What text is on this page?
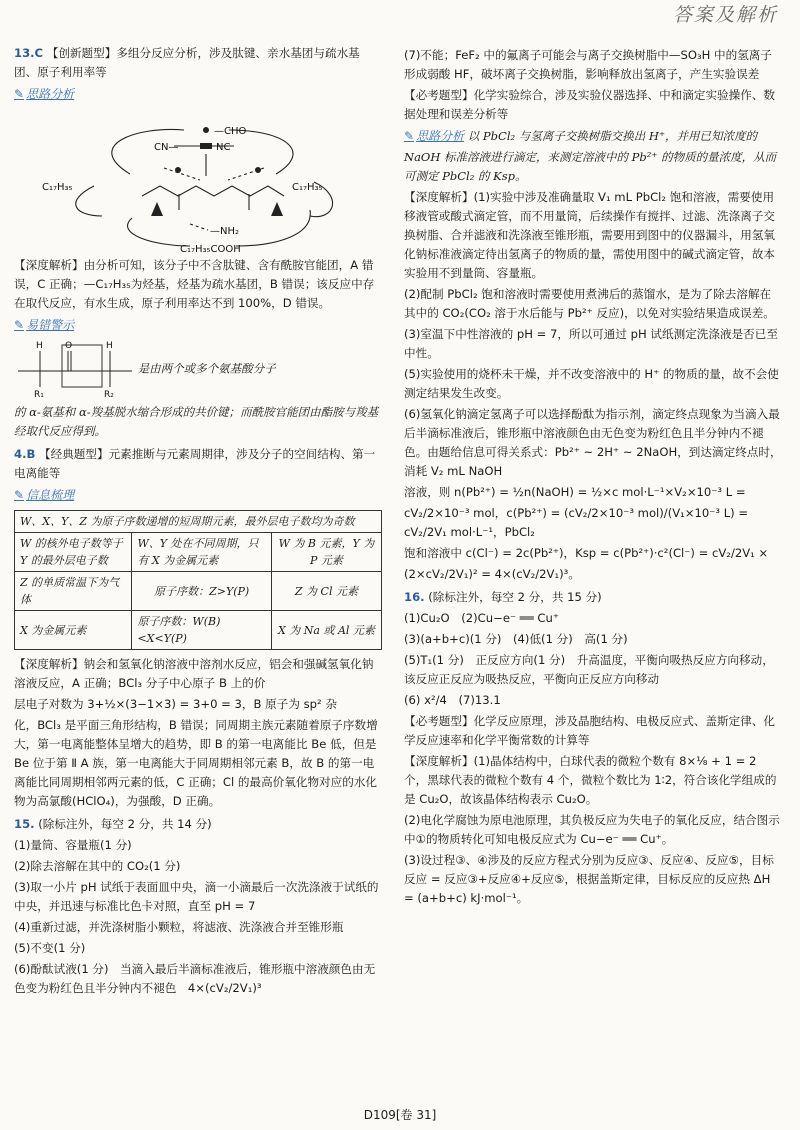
答案及解析

13.C 【创新题型】多组分反应分析，涉及肽键、亲水基团与疏水基团、原子利用率等

✎ 思路分析
—CHO
NC
CN—
C₁₇H₃₅	C₁₇H₃₅
—NH₂
C₁₇H₃₅COOH

【深度解析】由分析可知，该分子中不含肽键、含有酰胺官能团，A 错误，C 正确；—C₁₇H₃₅为烃基，烃基为疏水基团，B 错误；该反应中存在取代反应，有水生成，原子利用率达不到 100%，D 错误。

✎ 易错警示

H O	H
R₁	R₂
是由两个或多个氨基酸分子

的 α-氨基和 α-羧基脱水缩合形成的共价键；而酰胺官能团由酯胺与羧基经取代反应得到。

4.B 【经典题型】元素推断与元素周期律，涉及分子的空间结构、第一电离能等

✎ 信息梳理
W、X、Y、Z 为原子序数递增的短周期元素，最外层电子数均为奇数		
W 的核外电子数等于 Y 的最外层电子数	W、Y 处在不同周期，只有 X 为金属元素	W 为 B 元素，Y 为 P 元素
Z 的单质常温下为气体	原子序数：Z>Y(P)	Z 为 Cl 元素
X 为金属元素	原子序数：W(B)<X<Y(P)	X 为 Na 或 Al 元素

【深度解析】钠会和氢氧化钠溶液中溶剂水反应，铝会和强碱氢氧化钠溶液反应，A 正确；BCl₃ 分子中心原子 B 上的价

层电子对数为 3+½×(3−1×3) = 3+0 = 3，B 原子为 sp² 杂

化，BCl₃ 是平面三角形结构，B 错误；同周期主族元素随着原子序数增大，第一电离能整体呈增大的趋势，即 B 的第一电离能比 Be 低，但是 Be 位于第 Ⅱ A 族，第一电离能大于同周期相邻元素 B，故 B 的第一电离能比同周期相邻两元素的低，C 正确；Cl 的最高价氧化物对应的水化物为高氯酸(HClO₄)，为强酸，D 正确。

15. (除标注外，每空 2 分，共 14 分)

(1)量筒、容量瓶(1 分)

(2)除去溶解在其中的 CO₂(1 分)

(3)取一小片 pH 试纸于表面皿中央，滴一小滴最后一次洗涤液于试纸的中央，并迅速与标准比色卡对照，直至 pH = 7

(4)重新过滤，并洗涤树脂小颗粒，将滤液、洗涤液合并至锥形瓶

(5)不变(1 分)

(6)酚酞试液(1 分)　当滴入最后半滴标准液后，锥形瓶中溶液颜色由无色变为粉红色且半分钟内不褪色　4×(cV₂/2V₁)³

(7)不能；FeF₂ 中的氟离子可能会与离子交换树脂中—SO₃H 中的氢离子形成弱酸 HF，破坏离子交换树脂，影响释放出氢离子，产生实验误差

【必考题型】化学实验综合，涉及实验仪器选择、中和滴定实验操作、数据处理和误差分析等

✎ 思路分析 以 PbCl₂ 与氢离子交换树脂交换出 H⁺，并用已知浓度的 NaOH 标准溶液进行滴定，来测定溶液中的 Pb²⁺ 的物质的量浓度，从而可测定 PbCl₂ 的 Ksp。

【深度解析】(1)实验中涉及准确量取 V₁ mL PbCl₂ 饱和溶液，需要使用移液管或酸式滴定管，而不用量筒，后续操作有搅拌、过滤、洗涤离子交换树脂、合并滤液和洗涤液至锥形瓶，需要用到图中的仪器漏斗，用氢氧化钠标准液滴定待出氢离子的物质的量，需使用图中的碱式滴定管，故本实验用不到量筒、容量瓶。

(2)配制 PbCl₂ 饱和溶液时需要使用煮沸后的蒸馏水，是为了除去溶解在其中的 CO₂(CO₂ 溶于水后能与 Pb²⁺ 反应)，以免对实验结果造成误差。

(3)室温下中性溶液的 pH = 7，所以可通过 pH 试纸测定洗涤液是否已至中性。

(5)实验使用的烧杯未干燥，并不改变溶液中的 H⁺ 的物质的量，故不会使测定结果发生改变。

(6)氢氧化钠滴定氢离子可以选择酚酞为指示剂，滴定终点现象为当滴入最后半滴标准液后，锥形瓶中溶液颜色由无色变为粉红色且半分钟内不褪色。由题给信息可得关系式：Pb²⁺ ~ 2H⁺ ~ 2NaOH，到达滴定终点时，消耗 V₂ mL NaOH

溶液，则 n(Pb²⁺) = ½n(NaOH) = ½×c mol·L⁻¹×V₂×10⁻³ L =

cV₂/2×10⁻³ mol，c(Pb²⁺) = (cV₂/2×10⁻³ mol)/(V₁×10⁻³ L) = cV₂/2V₁ mol·L⁻¹，PbCl₂

饱和溶液中 c(Cl⁻) = 2c(Pb²⁺)，Ksp = c(Pb²⁺)·c²(Cl⁻) = cV₂/2V₁ ×

(2×cV₂/2V₁)² = 4×(cV₂/2V₁)³。

16. (除标注外，每空 2 分，共 15 分)

(1)Cu₂O　(2)Cu−e⁻ ══ Cu⁺

(3)(a+b+c)(1 分)　(4)低(1 分)　高(1 分)

(5)T₁(1 分)　正反应方向(1 分)　升高温度，平衡向吸热反应方向移动，该反应正反应为吸热反应，平衡向正反应方向移动

(6) x²/4　(7)13.1

【必考题型】化学反应原理，涉及晶胞结构、电极反应式、盖斯定律、化学反应速率和化学平衡常数的计算等

【深度解析】(1)晶体结构中，白球代表的微粒个数有 8×⅛ + 1 = 2 个，黑球代表的微粒个数有 4 个，微粒个数比为 1∶2，符合该化学组成的是 Cu₂O，故该晶体结构表示 Cu₂O。

(2)电化学腐蚀为原电池原理，其负极反应为失电子的氧化反应，结合图示中①的物质转化可知电极反应式为 Cu−e⁻ ══ Cu⁺。

(3)设过程③、④涉及的反应方程式分别为反应③、反应④、反应⑤，目标反应 = 反应③+反应④+反应⑤，根据盖斯定律，目标反应的反应热 ΔH = (a+b+c) kJ·mol⁻¹。

D109[卷 31]
